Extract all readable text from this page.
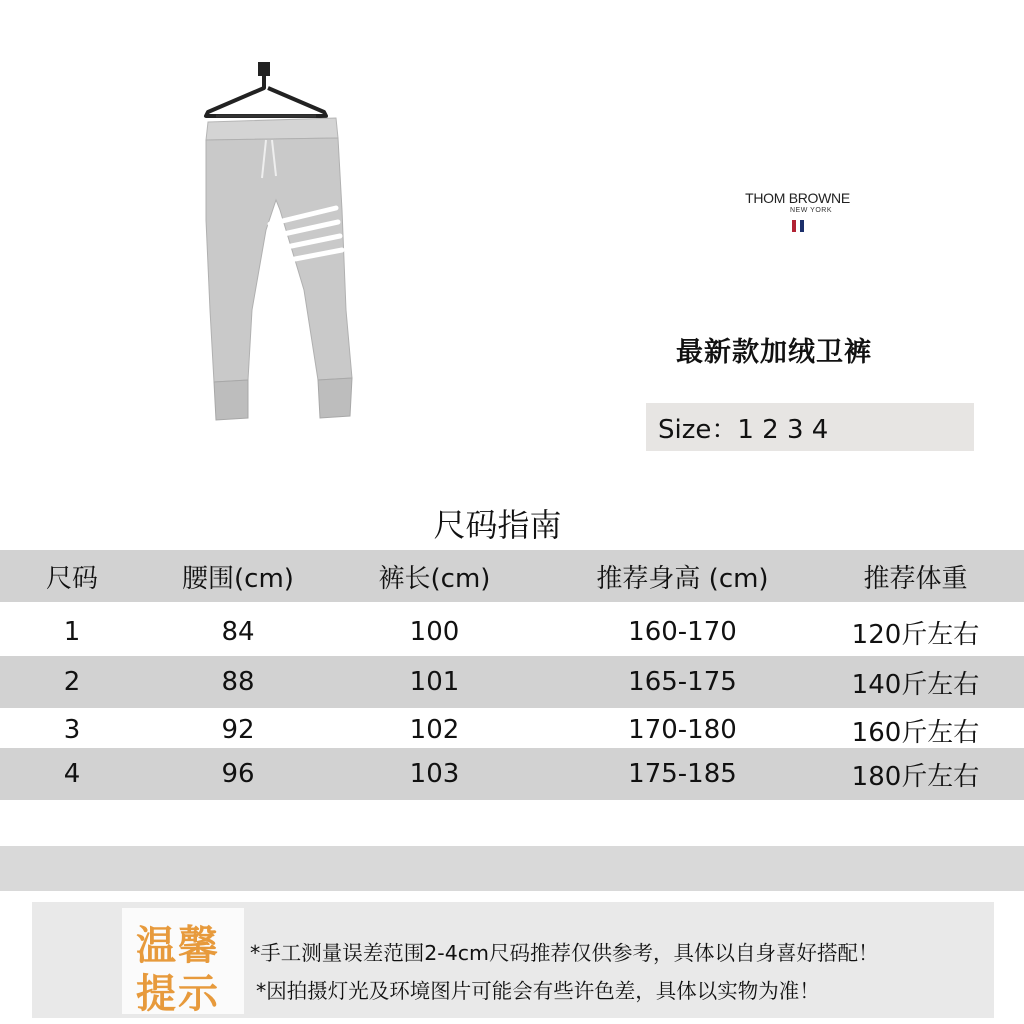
THOM BROWNE
NEW YORK
最新款加绒卫裤
Size：1 2 3 4
尺码指南
尺码	腰围(cm)	裤长(cm)	推荐身高 (cm)	推荐体重
1	84	100	160-170	120斤左右
2	88	101	165-175	140斤左右
3	92	102	170-180	160斤左右
4	96	103	175-185	180斤左右
温馨
提示
*手工测量误差范围2-4cm尺码推荐仅供参考，具体以自身喜好搭配！
*因拍摄灯光及环境图片可能会有些许色差，具体以实物为准！
